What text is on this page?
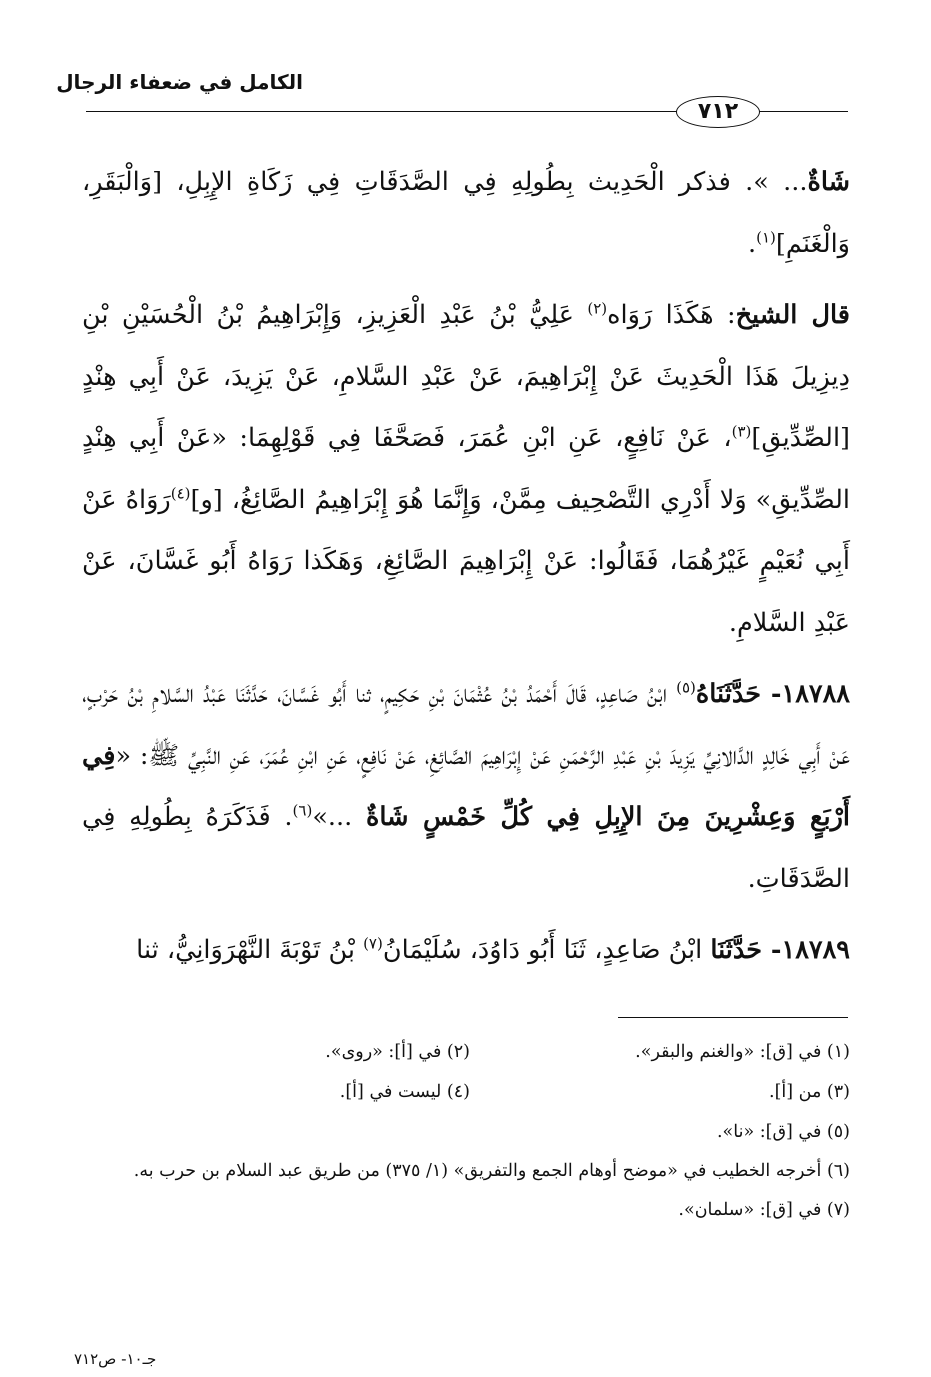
الكامل في ضعفاء الرجال
٧١٢

شَاةٌ... ». فذكر الْحَدِيث بِطُولِهِ فِي الصَّدَقَاتِ فِي زَكَاةِ الإِبِلِ، [وَالْبَقَرِ، وَالْغَنَمِ]$^{(١)}$.

قال الشيخ: هَكَذَا رَوَاه$^{(٢)}$ عَلِيُّ بْنُ عَبْدِ الْعَزِيزِ، وَإِبْرَاهِيمُ بْنُ الْحُسَيْنِ بْنِ دِيزِيلَ هَذَا الْحَدِيثَ عَنْ إِبْرَاهِيمَ، عَنْ عَبْدِ السَّلامِ، عَنْ يَزِيدَ، عَنْ أَبِي هِنْدٍ [الصِّدِّيقِ]$^{(٣)}$، عَنْ نَافِعٍ، عَنِ ابْنِ عُمَرَ، فَصَحَّفَا فِي قَوْلِهِمَا: «عَنْ أَبِي هِنْدٍ الصِّدِّيقِ» وَلا أَدْرِي التَّصْحِيف مِمَّنْ، وَإِنَّمَا هُوَ إِبْرَاهِيمُ الصَّائِغُ، [و]$^{(٤)}$رَوَاهُ عَنْ أَبِي نُعَيْمٍ غَيْرُهُمَا، فَقَالُوا: عَنْ إِبْرَاهِيمَ الصَّائِغِ، وَهَكَذا رَوَاهُ أَبُو غَسَّانَ، عَنْ عَبْدِ السَّلامِ.

١٨٧٨٨- حَدَّثَنَاهُ$^{(٥)}$ ابْنُ صَاعِدٍ، قَالَ أَحْمَدُ بْنُ عُثْمَانَ بْنِ حَكِيمٍ، ثنا أَبُو غَسَّانَ، حَدَّثَنَا عَبْدُ السَّلامِ بْنُ حَرْبٍ، عَنْ أَبِي خَالِدٍ الدَّالانِيِّ يَزِيدَ بْنِ عَبْدِ الرَّحْمَنِ عَنْ إِبْرَاهِيمَ الصَّائِغِ، عَنْ نَافِعٍ، عَنِ ابْنِ عُمَرَ، عَنِ النَّبِيِّ ﷺ: «فِي أَرْبَعٍ وَعِشْرِينَ مِنَ الإِبِلِ فِي كُلِّ خَمْسٍ شَاةٌ ...»$^{(٦)}$. فَذَكَرَهُ بِطُولِهِ فِي الصَّدَقَاتِ.

١٨٧٨٩- حَدَّثَنَا ابْنُ صَاعِدٍ، ثَنَا أَبُو دَاوُدَ، سُلَيْمَانُ$^{(٧)}$ بْنُ تَوْبَةَ النَّهْرَوَانِيُّ، ثنا

(١) في [ق]: «والغنم والبقر».
(٢) في [أ]: «روى».
(٣) من [أ].
(٤) ليست في [أ].
(٥) في [ق]: «نا».
(٦) أخرجه الخطيب في «موضح أوهام الجمع والتفريق» (١/ ٣٧٥) من طريق عبد السلام بن حرب به.
(٧) في [ق]: «سلمان».
جـ١٠- ص٧١٢
